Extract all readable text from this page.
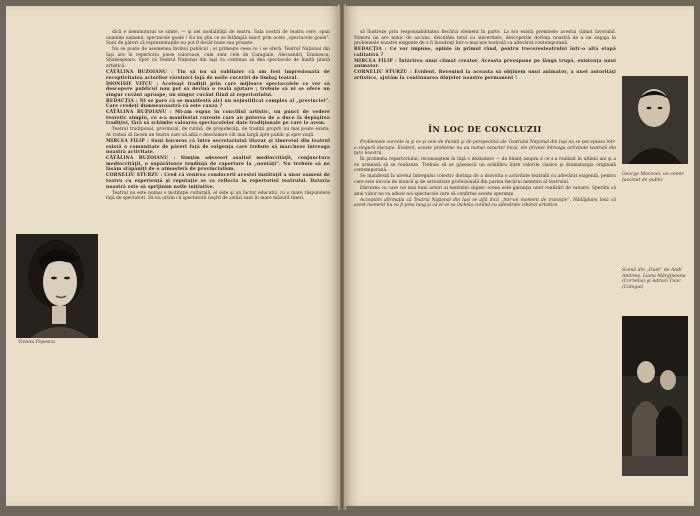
Violeta Popescu

dică e neminuturat se simte, — şi nei modalităţii de teatru. Sala nostră de teatru cere, spun unanimi oamenii, spectacole goale ! Eu nu ştiu ce se întâmplă exact prin acele „spectacole goale”. Sunt de păreri că reprezentaţiile nu pot fi decât bune sau proaste.

Nu se poate de asemenea învinui publicul ; el primeşte ceea ce i se oferă. Teatrul Naţional din Iaşi are în repertoriu piese valoroase, cum sunt cele de Caragiale, Alecsandri, Eminescu, Shakespeare. Sper că Teatrul Naţional din Iaşi va continua să dea spectacole de înaltă ţinută artistică.

CĂTĂLINA BUZOIANU : Tin să nu să sublinier că am fost impresionată de receptivitatea actorilor vârstnici faţă de noile cuceriri de limbaj teatral.

DIONISIE VITCU : Aceleaşi tradiţii prin care mijloace spectacolele ce vor să descopere publicul nou pot să devină o reală ajutare ; trebuie să ni se ofere un singur cuvânt aproape, un singur cuvânt fiind al repertoriului.

REDACŢIA : Ni se pare că se manifestă aici un nejustificat complex al „provinciei”. Care credeţi dumneavoastră că este cauza ?

CĂTĂLINA BUZOIANU : Mi-am expus în conciliul artistic, un punct de vedere teoretic simplu, ce s-a manifestat curente care au puterea de a duce la depăşirea tradiţiei, fără să schimbe valoarea spectacolelor date tradiţionale pe care le avem.

Teatrul tradiţional, provincial, de rutină, de prejudecăţi, de tradiţii proprii nu mai poate exista. Ar trebui să facem un teatru care să aibă o deschidere cât mai largă spre public şi spre viaţă.

MIRCEA FILIP : Sunt bucuros că între secretariatul literar şi tineretul din teatrul există o comunitate de păreri faţă de exigenţa care trebuie să marcheze întreaga noastră activitate.

CĂTĂLINA BUZOIANU : Simţim adeseori asaltul mediocrităţii, conjunctura mediocrităţii, o supărătoare tendinţă de raportare la „noutăţi”. Nu trebuie să ne lăsăm stăpâniţi de o atmosferă de provincialism.

CORNELIU STURZU : Cred că venirea conducerii acestei instituţii a unor oameni de teatru cu experienţă şi reputaţie se va reflecta în repertoriul teatrului. Datoria noastră este să sprijinim noile iniţiative.

Teatrul nu este numai o instituţie culturală, el este şi un factor educativ, cu o mare răspundere faţă de spectatori. Să nu uităm că spectatorii noştri de astăzi sunt în mare măsură tineri.

să îlustreze prin responsabilitatea fiecărui element în parte. La noi există premisele acestui climat favorabil. Nimeni nu are nimic de ascuns, discutăm totul cu sinceritate, descoperim dorinţa noastră de a ne angaja în problemele noastre exigente de a fi încadraţi într-o mişcare teatrală cu adevărat contemporană.

REDACŢIA : Ce vor impune, opinie în primul rând, pentru treceresteatrului într-o altă etapă calitativă ?

MIRCEA FILIP : Întărirea unui climat creator. Aceasta presupune pe lângă trupă, existenţa unui animator.

CORNELIU STURZU : Evident. Revenind la aceasta să obţinem unui animator, a unei autorităţi artistice, ajutăm la continuarea dinţelor noastre permanent !

ÎN LOC DE CONCLUZII

Problemele curente la şi ce şi cele de durată şi de perspectivă ale Teatrului Naţional din Iaşi nu se pot epuiza într-o singură discuţie. Evident, aceste probleme nu au numai caracter local, ele privesc întreaga activitate teatrală din ţara noastră.

În problema repertoriului, recunoaştem în faţă o dezbatere — de bilanţ asupra a ce s-a realizat în ultimii ani şi a ce urmează să se realizeze. Trebuie să se găsească un echilibru între valorile clasice şi dramaturgia originală contemporană.

Se manifestă la nivelul întregului colectiv dorinţa de a dezvolta o activitate teatrală cu adevărat exigentă, pentru care este nevoie de muncă şi de seriozitate profesională din partea fiecărui membru al teatrului.

Dăruirea cu care cei mai buni actori ai teatrului slujesc scena este garanţia unor realizări de valoare. Sperăm că anul viitor ne va aduce noi spectacole care să confirme aceste speranţe.

Acceptăm afirmaţia că Teatrul Naţional din Iaşi se află încă „într-un moment de tranziţie”. Nădăjduim însă că acest moment nu va fi prea lung şi că el se va încheia curând cu adevărate izbânzi artistice.

George Macovei, un comic fascinat de public
Scenă din „Duet” de Andi Andrieş. Liana Mărgineanu (Cornelia) şi Adrian Tunc (Colegul)
